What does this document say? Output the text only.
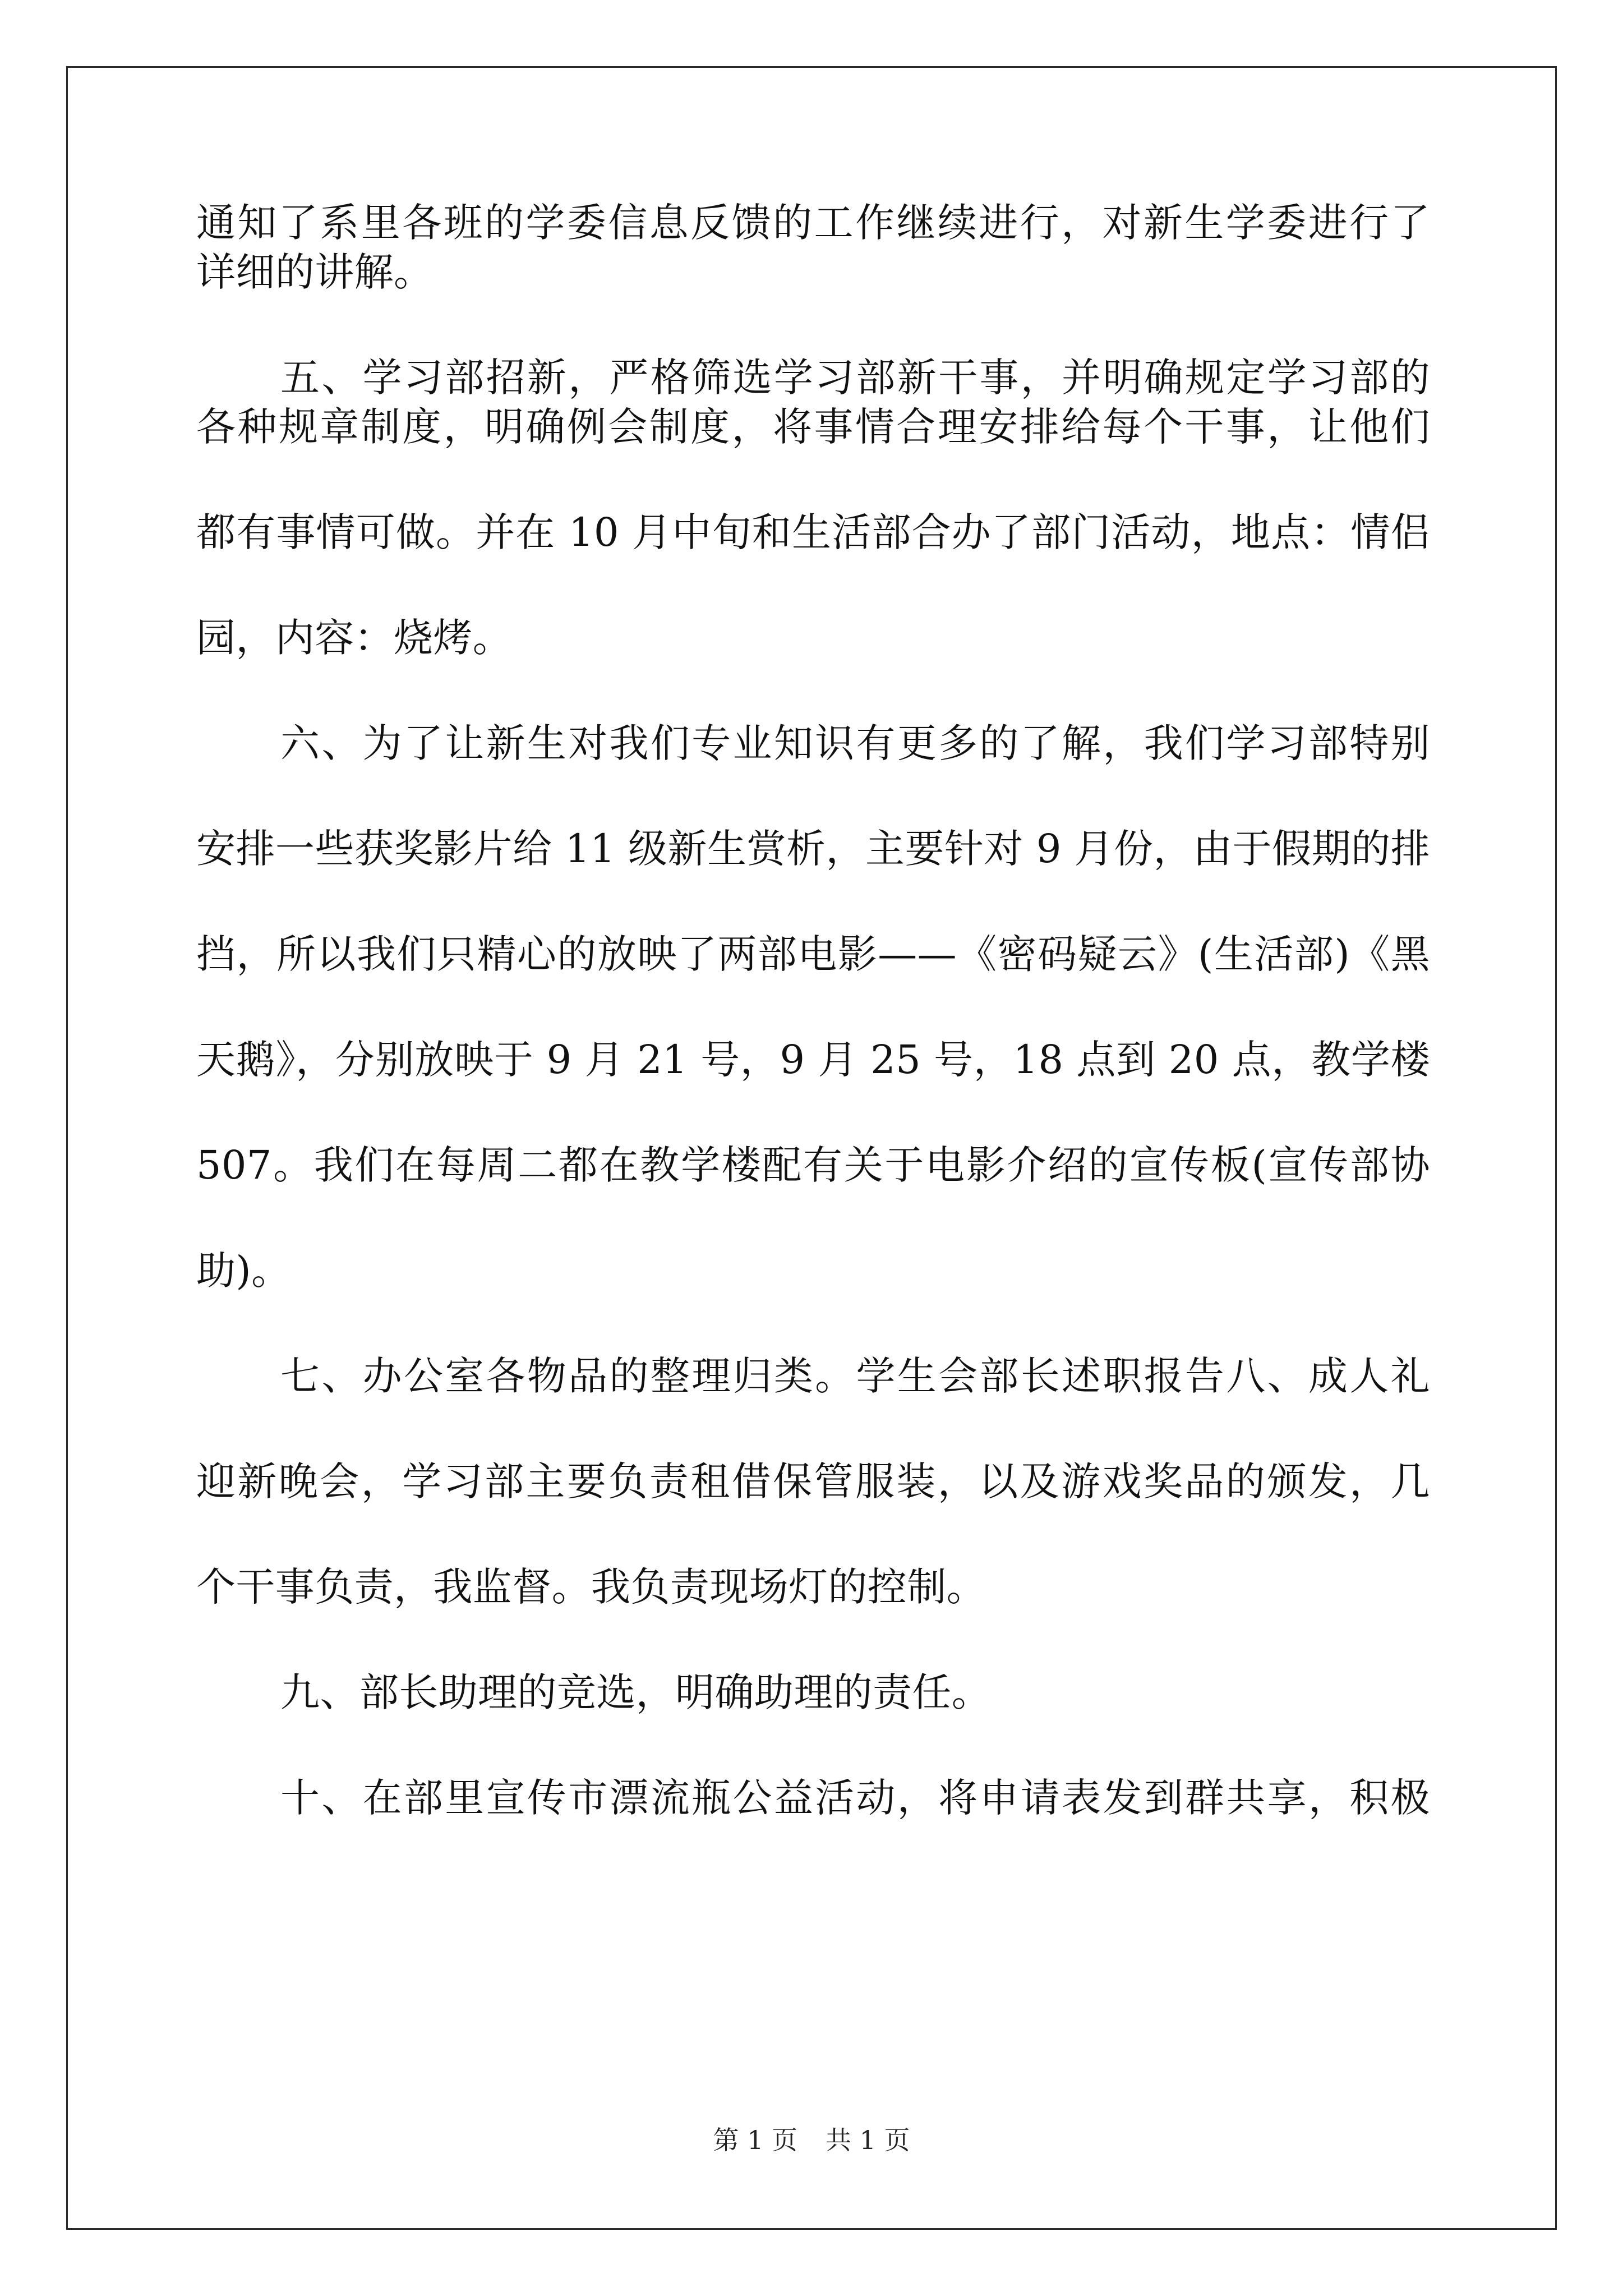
通知了系里各班的学委信息反馈的工作继续进行，对新生学委进行了
详细的讲解。
五、学习部招新，严格筛选学习部新干事，并明确规定学习部的
各种规章制度，明确例会制度，将事情合理安排给每个干事，让他们
都有事情可做。并在 10 月中旬和生活部合办了部门活动，地点：情侣
园，内容：烧烤。
六、为了让新生对我们专业知识有更多的了解，我们学习部特别
安排一些获奖影片给 11 级新生赏析，主要针对 9 月份，由于假期的排
挡，所以我们只精心的放映了两部电影——《密码疑云》(生活部)《黑
天鹅》，分别放映于 9 月 21 号，9 月 25 号，18 点到 20 点，教学楼
507。我们在每周二都在教学楼配有关于电影介绍的宣传板(宣传部协
助)。
七、办公室各物品的整理归类。学生会部长述职报告八、成人礼
迎新晚会，学习部主要负责租借保管服装，以及游戏奖品的颁发，几
个干事负责，我监督。我负责现场灯的控制。
九、部长助理的竞选，明确助理的责任。
十、在部里宣传市漂流瓶公益活动，将申请表发到群共享，积极
第 1 页 共 1 页
